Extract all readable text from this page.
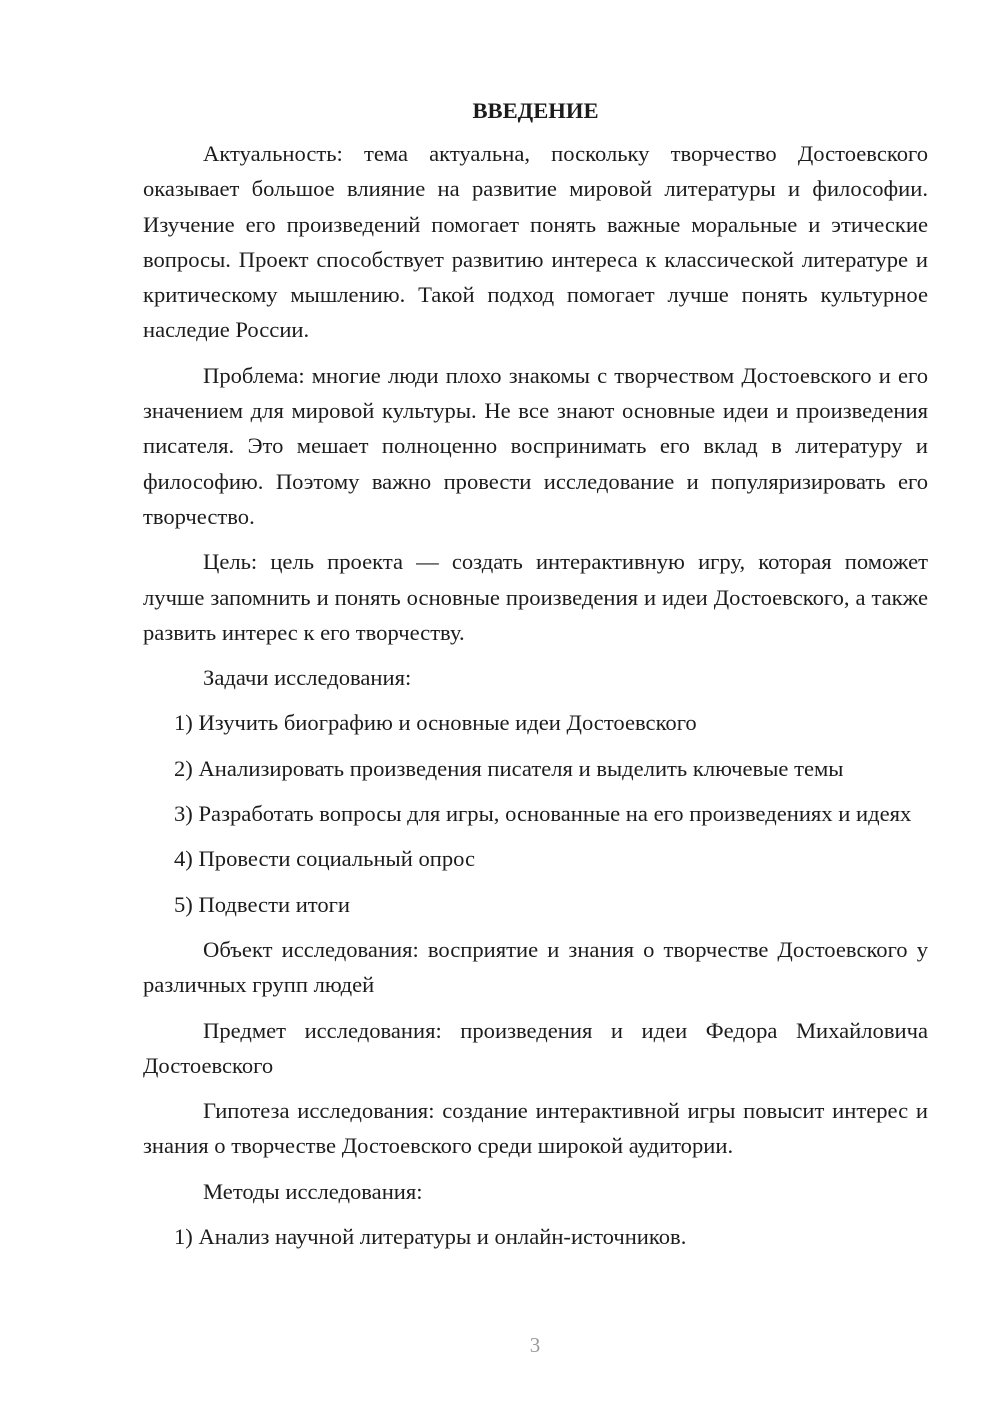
ВВЕДЕНИЕ

Актуальность: тема актуальна, поскольку творчество Достоевского оказывает большое влияние на развитие мировой литературы и философии. Изучение его произведений помогает понять важные моральные и этические вопросы. Проект способствует развитию интереса к классической литературе и критическому мышлению. Такой подход помогает лучше понять культурное наследие России.

Проблема: многие люди плохо знакомы с творчеством Достоевского и его значением для мировой культуры. Не все знают основные идеи и произведения писателя. Это мешает полноценно воспринимать его вклад в литературу и философию. Поэтому важно провести исследование и популяризировать его творчество.

Цель: цель проекта — создать интерактивную игру, которая поможет лучше запомнить и понять основные произведения и идеи Достоевского, а также развить интерес к его творчеству.

Задачи исследования:

1) Изучить биографию и основные идеи Достоевского

2) Анализировать произведения писателя и выделить ключевые темы

3) Разработать вопросы для игры, основанные на его произведениях и идеях

4) Провести социальный опрос

5) Подвести итоги

Объект исследования: восприятие и знания о творчестве Достоевского у различных групп людей

Предмет исследования: произведения и идеи Федора Михайловича Достоевского

Гипотеза исследования: создание интерактивной игры повысит интерес и знания о творчестве Достоевского среди широкой аудитории.

Методы исследования:

1) Анализ научной литературы и онлайн-источников.

3
